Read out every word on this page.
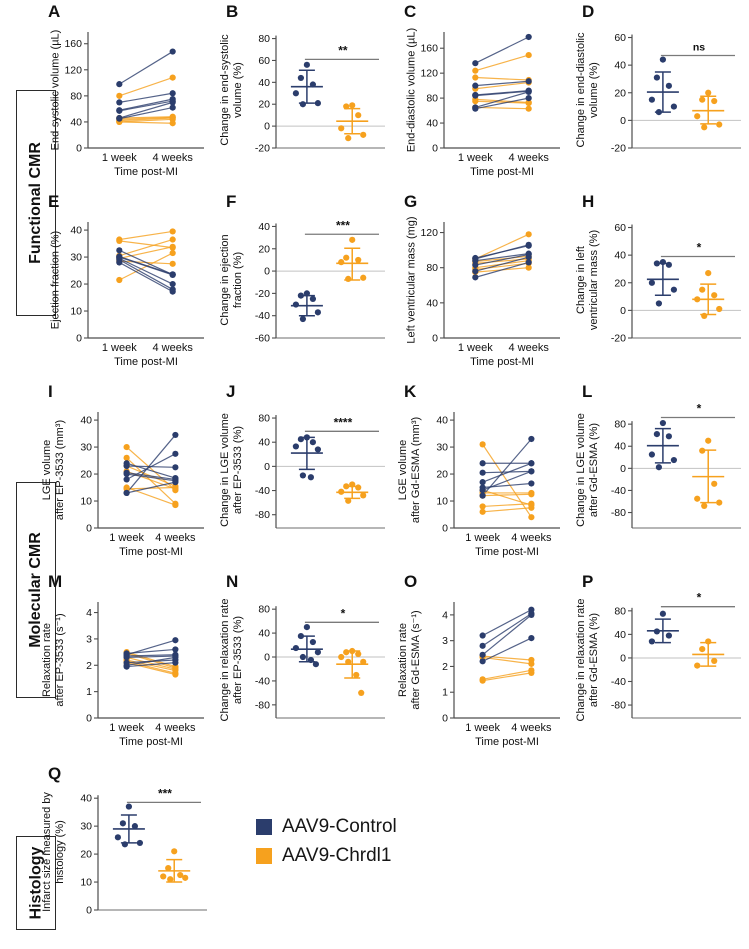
Functional CMR
Molecular CMR
Histology
A
End-systolic volume (µL) 0
40
80
120
160
1 week 4 weeks
Time post-MI
B
Change in end-systolic
volume (%)
-20
0
20
40
60
80
**
C
End-diastolic volume (µL) 0
40
80
120
160
1 week 4 weeks
Time post-MI
D
Change in end-diastolic
volume (%)
-20
0
20
40
60
ns
E
Ejection fraction (%)
0
10
20
30
40
1 week 4 weeks
Time post-MI
F
Change in ejection
fraction (%)
-60
-40
-20
0
20
40	***
G
Left ventricular mass (mg) 0
40
80
120
1 week 4 weeks
Time post-MI
H
Change in left
ventricular mass (%)
-20
0
20
40
60
*
I
LGE volume
after EP-3533 (mm³)
0
10
20
30
40
1 week 4 weeks
Time post-MI
J
Change in LGE volume
after EP-3533 (%)
-80
-40
0
40
80	****
K
LGE volume
after Gd-ESMA (mm³)
0
10
20
30
40
1 week 4 weeks
Time post-MI
L
Change in LGE volume
after Gd-ESMA (%) -80
-40
0
40
80
*
M
Relaxation rate
after EP-3533 (s⁻¹)
0
1
2
3
4
1 week 4 weeks
Time post-MI
N
Change in relaxation rate
after EP-3533 (%)
-80
-40
0
40
80	*
O
Relaxation rate
after Gd-ESMA (s⁻¹)
0
1
2
3
4
1 week 4 weeks
Time post-MI
P
Change in relaxation rate
after Gd-ESMA (%) -80
-40
0
40
80
*
Q
Infarct size measured by
histology (%)
0
10
20
30
40	***
AAV9-Control
AAV9-Chrdl1
